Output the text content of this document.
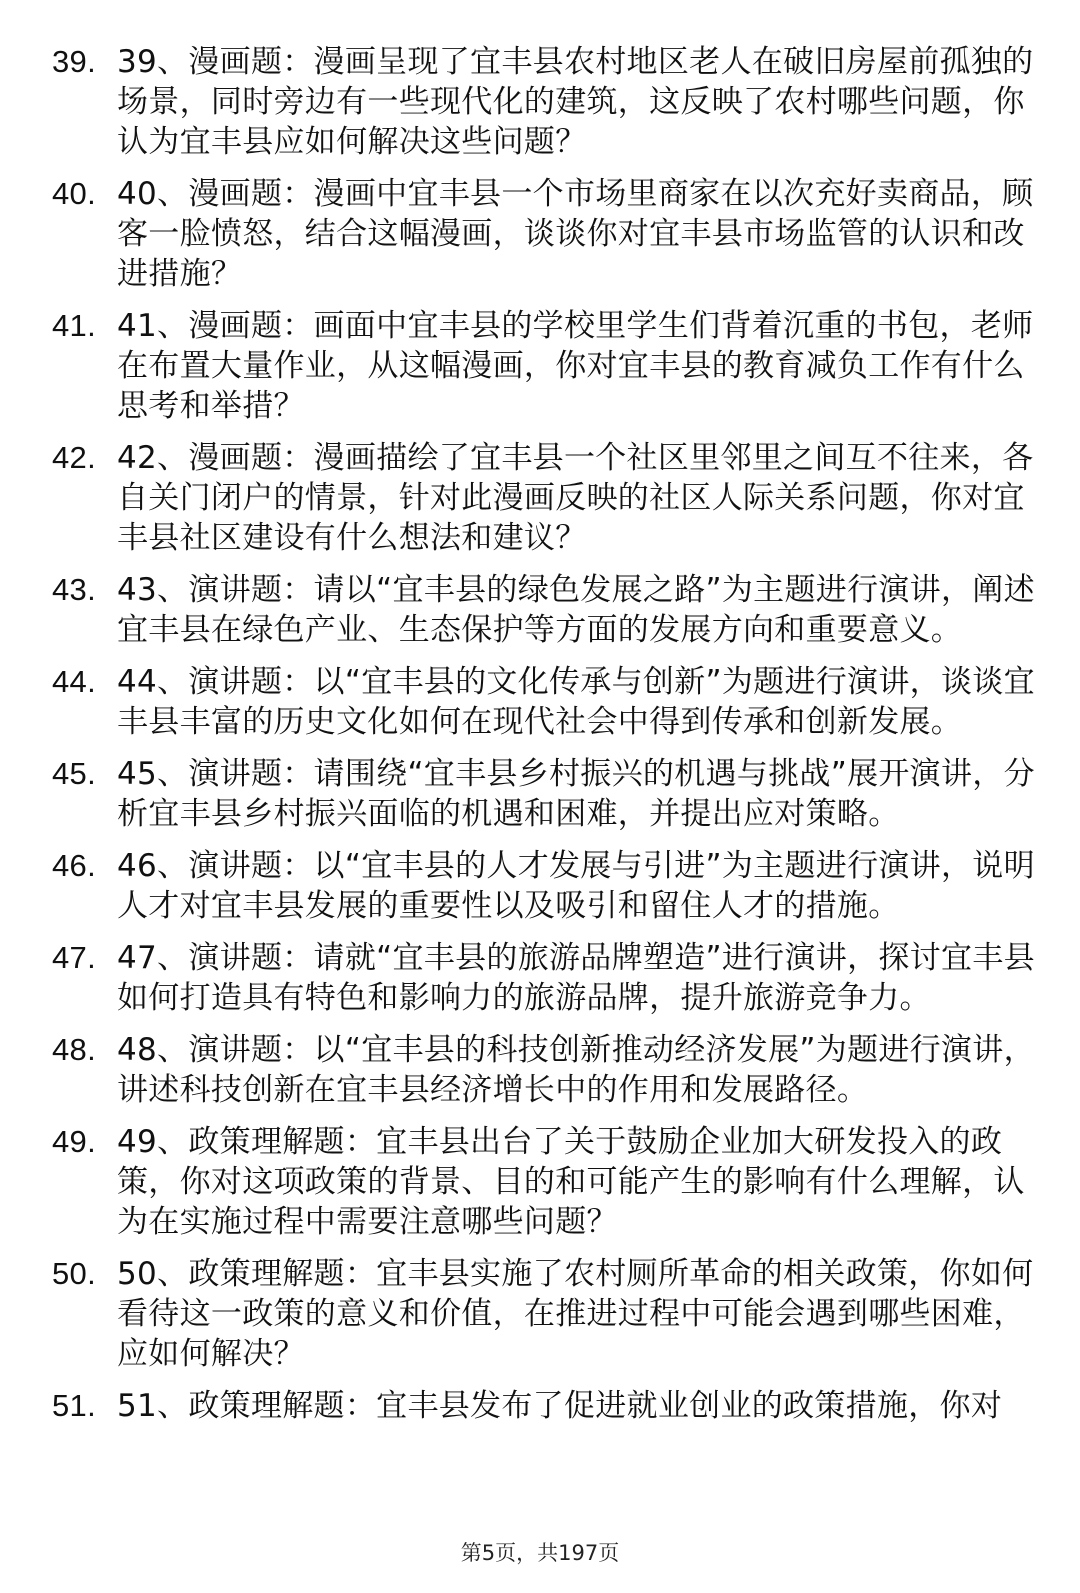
39. 39、漫画题：漫画呈现了宜丰县农村地区老人在破旧房屋前孤独的场景，同时旁边有一些现代化的建筑，这反映了农村哪些问题，你认为宜丰县应如何解决这些问题？
40. 40、漫画题：漫画中宜丰县一个市场里商家在以次充好卖商品，顾客一脸愤怒，结合这幅漫画，谈谈你对宜丰县市场监管的认识和改进措施？
41. 41、漫画题：画面中宜丰县的学校里学生们背着沉重的书包，老师在布置大量作业，从这幅漫画，你对宜丰县的教育减负工作有什么思考和举措？
42. 42、漫画题：漫画描绘了宜丰县一个社区里邻里之间互不往来，各自关门闭户的情景，针对此漫画反映的社区人际关系问题，你对宜丰县社区建设有什么想法和建议？
43. 43、演讲题：请以“宜丰县的绿色发展之路”为主题进行演讲，阐述宜丰县在绿色产业、生态保护等方面的发展方向和重要意义。
44. 44、演讲题：以“宜丰县的文化传承与创新”为题进行演讲，谈谈宜丰县丰富的历史文化如何在现代社会中得到传承和创新发展。
45. 45、演讲题：请围绕“宜丰县乡村振兴的机遇与挑战”展开演讲，分析宜丰县乡村振兴面临的机遇和困难，并提出应对策略。
46. 46、演讲题：以“宜丰县的人才发展与引进”为主题进行演讲，说明人才对宜丰县发展的重要性以及吸引和留住人才的措施。
47. 47、演讲题：请就“宜丰县的旅游品牌塑造”进行演讲，探讨宜丰县如何打造具有特色和影响力的旅游品牌，提升旅游竞争力。
48. 48、演讲题：以“宜丰县的科技创新推动经济发展”为题进行演讲，讲述科技创新在宜丰县经济增长中的作用和发展路径。
49. 49、政策理解题：宜丰县出台了关于鼓励企业加大研发投入的政策，你对这项政策的背景、目的和可能产生的影响有什么理解，认为在实施过程中需要注意哪些问题？
50. 50、政策理解题：宜丰县实施了农村厕所革命的相关政策，你如何看待这一政策的意义和价值，在推进过程中可能会遇到哪些困难，应如何解决？
51. 51、政策理解题：宜丰县发布了促进就业创业的政策措施，你对
第5页，共197页
